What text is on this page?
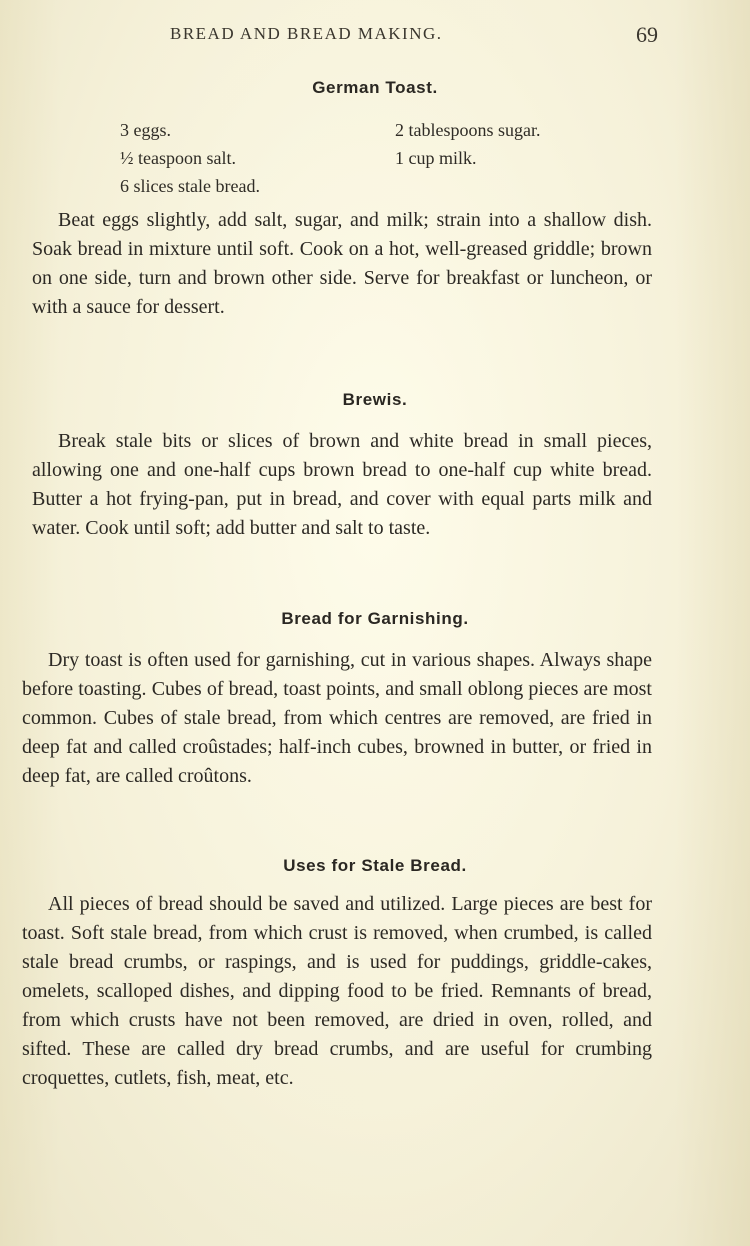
BREAD AND BREAD MAKING.	69
German Toast.
3 eggs.	2 tablespoons sugar.
½ teaspoon salt.	1 cup milk.
6 slices stale bread.
Beat eggs slightly, add salt, sugar, and milk; strain into a shallow dish. Soak bread in mixture until soft. Cook on a hot, well-greased griddle; brown on one side, turn and brown other side. Serve for breakfast or luncheon, or with a sauce for dessert.
Brewis.
Break stale bits or slices of brown and white bread in small pieces, allowing one and one-half cups brown bread to one-half cup white bread. Butter a hot frying-pan, put in bread, and cover with equal parts milk and water. Cook until soft; add butter and salt to taste.
Bread for Garnishing.
Dry toast is often used for garnishing, cut in various shapes. Always shape before toasting. Cubes of bread, toast points, and small oblong pieces are most common. Cubes of stale bread, from which centres are removed, are fried in deep fat and called croûstades; half-inch cubes, browned in butter, or fried in deep fat, are called croûtons.
Uses for Stale Bread.
All pieces of bread should be saved and utilized. Large pieces are best for toast. Soft stale bread, from which crust is removed, when crumbed, is called stale bread crumbs, or raspings, and is used for puddings, griddle-cakes, omelets, scalloped dishes, and dipping food to be fried. Remnants of bread, from which crusts have not been removed, are dried in oven, rolled, and sifted. These are called dry bread crumbs, and are useful for crumbing croquettes, cutlets, fish, meat, etc.
